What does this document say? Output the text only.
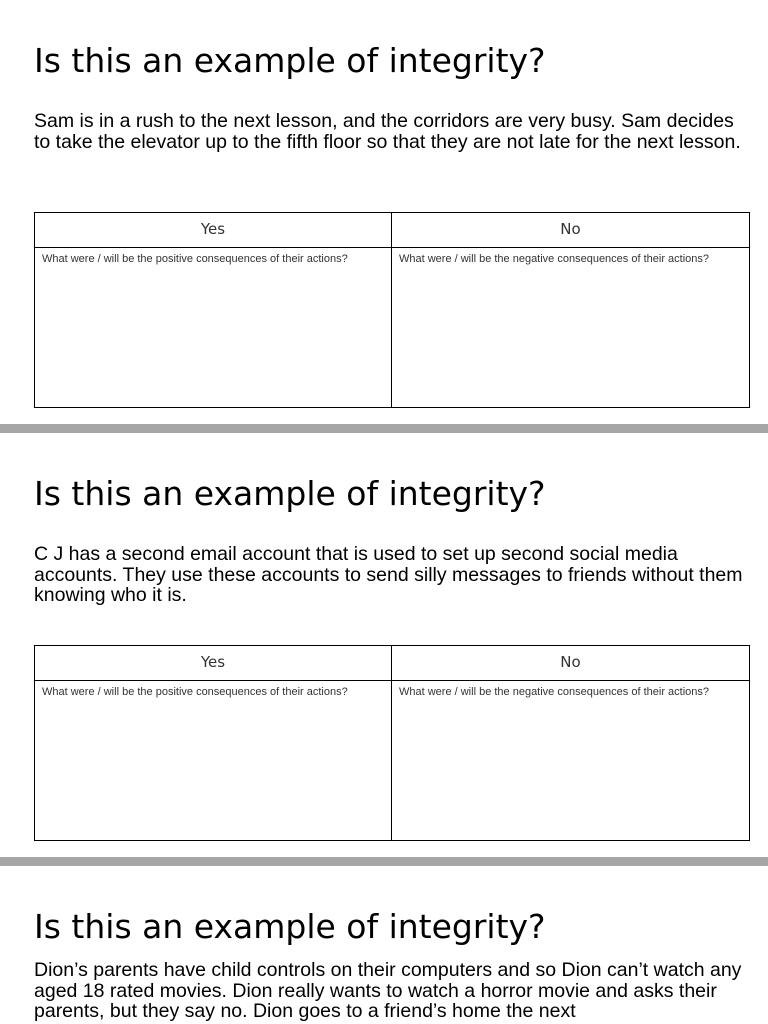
Is this an example of integrity?

Sam is in a rush to the next lesson, and the corridors are very busy. Sam decides to take the elevator up to the fifth floor so that they are not late for the next lesson.

Yes
What were / will be the positive consequences of their actions?
No
What were / will be the negative consequences of their actions?
Is this an example of integrity?

C J has a second email account that is used to set up second social media accounts. They use these accounts to send silly messages to friends without them knowing who it is.

Yes
What were / will be the positive consequences of their actions?
No
What were / will be the negative consequences of their actions?
Is this an example of integrity?

Dion’s parents have child controls on their computers and so Dion can’t watch any aged 18 rated movies. Dion really wants to watch a horror movie and asks their parents, but they say no. Dion goes to a friend’s home the next
